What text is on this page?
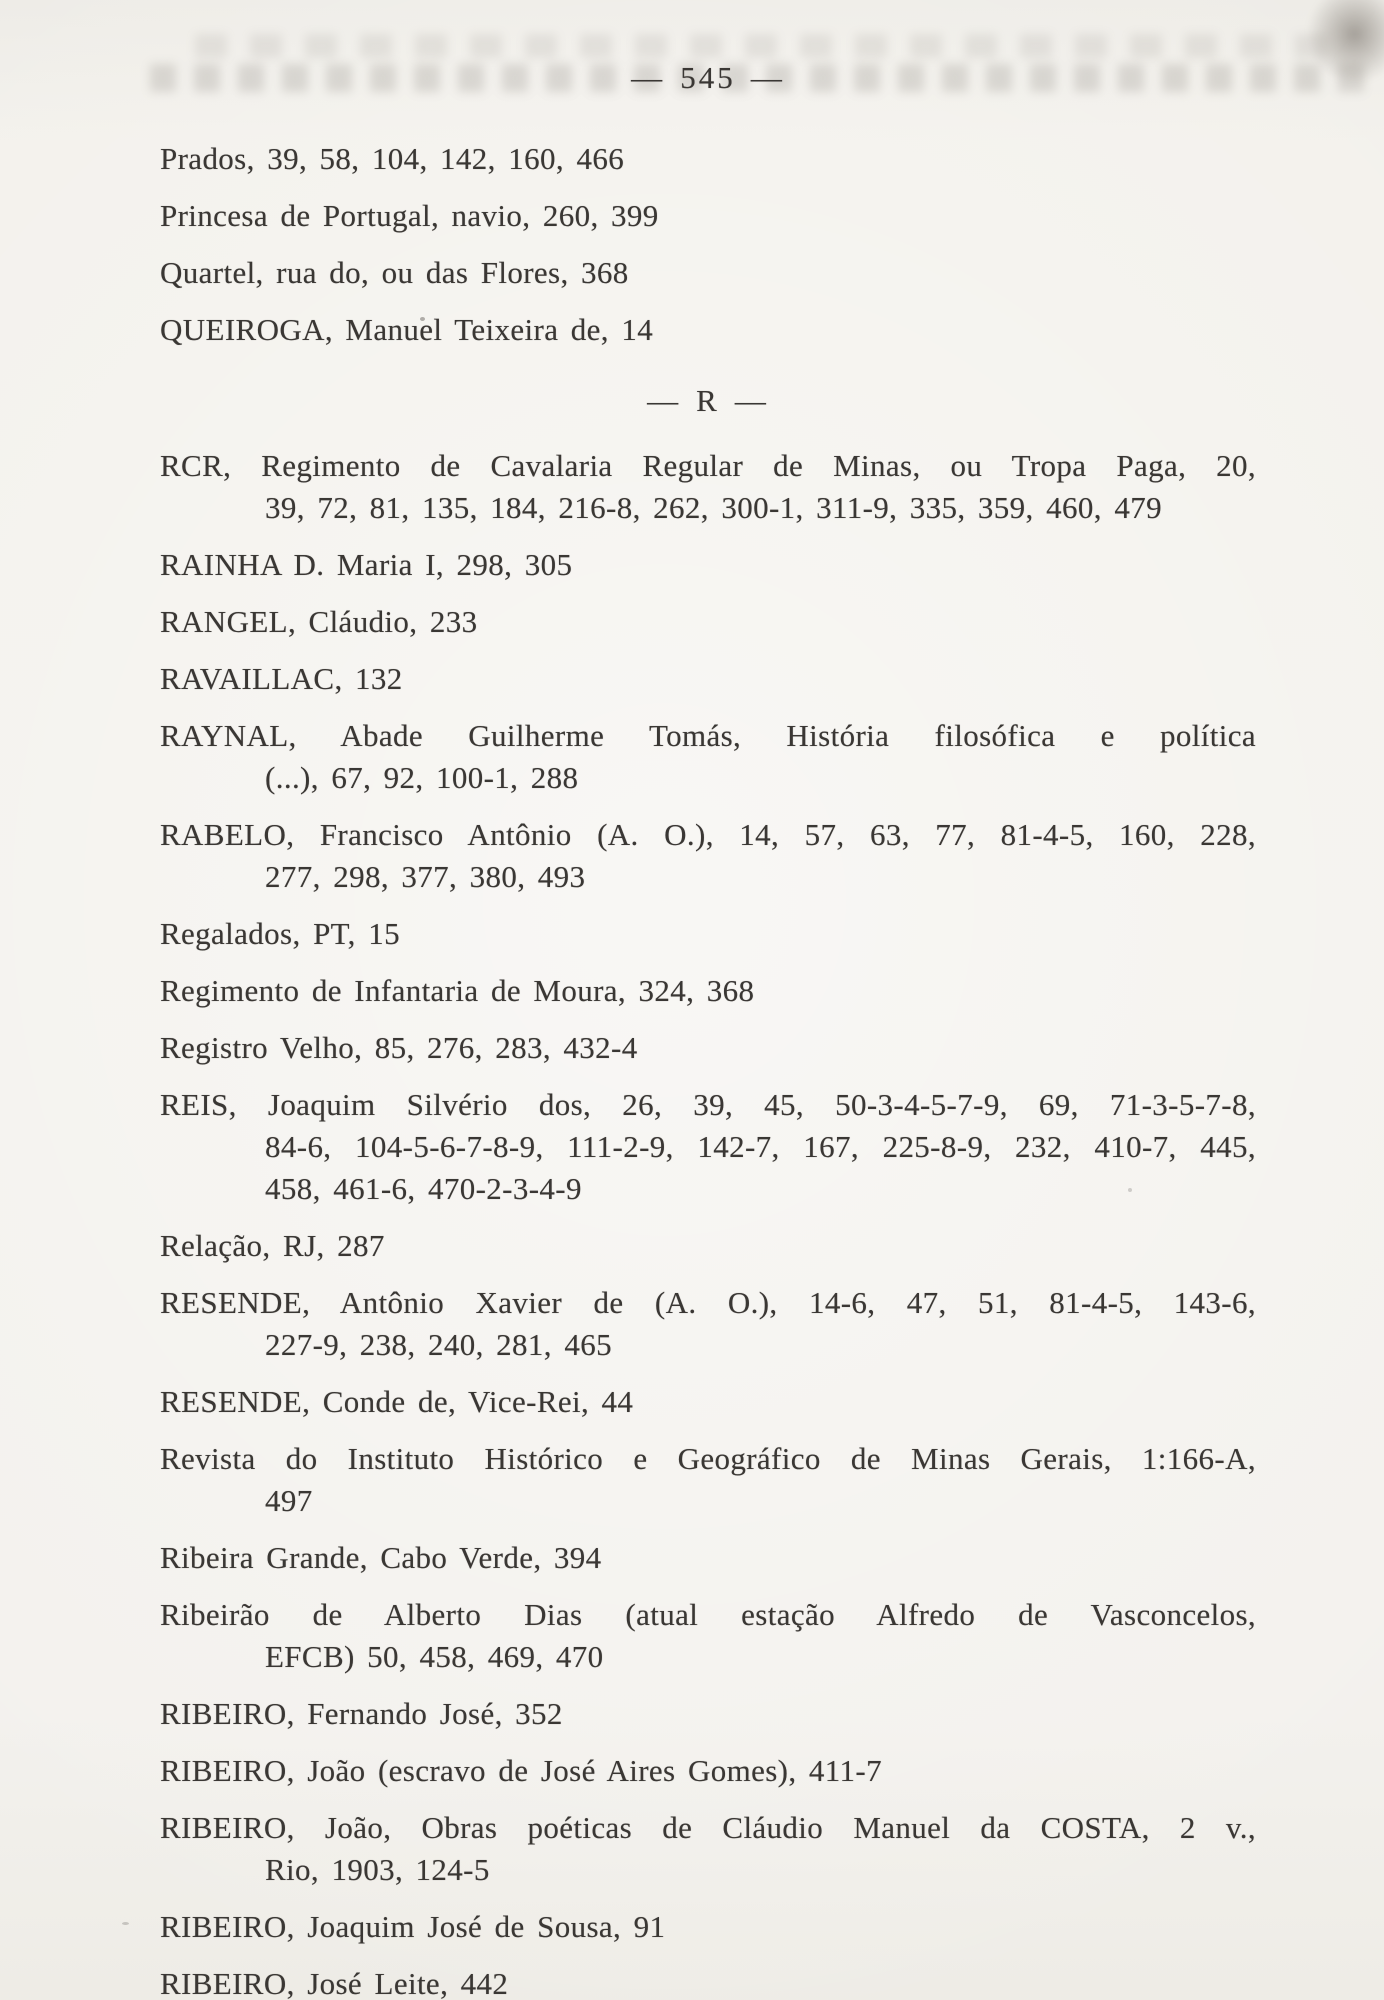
— 545 —

Prados, 39, 58, 104, 142, 160, 466

Princesa de Portugal, navio, 260, 399

Quartel, rua do, ou das Flores, 368

QUEIROGA, Manuel Teixeira de, 14

— R —

RCR, Regimento de Cavalaria Regular de Minas, ou Tropa Paga, 20,
39, 72, 81, 135, 184, 216-8, 262, 300-1, 311-9, 335, 359, 460, 479

RAINHA D. Maria I, 298, 305

RANGEL, Cláudio, 233

RAVAILLAC, 132

RAYNAL, Abade Guilherme Tomás, História filosófica e política
(...), 67, 92, 100-1, 288

RABELO, Francisco Antônio (A. O.), 14, 57, 63, 77, 81-4-5, 160, 228,
277, 298, 377, 380, 493

Regalados, PT, 15

Regimento de Infantaria de Moura, 324, 368

Registro Velho, 85, 276, 283, 432-4

REIS, Joaquim Silvério dos, 26, 39, 45, 50-3-4-5-7-9, 69, 71-3-5-7-8,
84-6, 104-5-6-7-8-9, 111-2-9, 142-7, 167, 225-8-9, 232, 410-7, 445,
458, 461-6, 470-2-3-4-9

Relação, RJ, 287

RESENDE, Antônio Xavier de (A. O.), 14-6, 47, 51, 81-4-5, 143-6,
227-9, 238, 240, 281, 465

RESENDE, Conde de, Vice-Rei, 44

Revista do Instituto Histórico e Geográfico de Minas Gerais, 1:166-A,
497

Ribeira Grande, Cabo Verde, 394

Ribeirão de Alberto Dias (atual estação Alfredo de Vasconcelos,
EFCB) 50, 458, 469, 470

RIBEIRO, Fernando José, 352

RIBEIRO, João (escravo de José Aires Gomes), 411-7

RIBEIRO, João, Obras poéticas de Cláudio Manuel da COSTA, 2 v.,
Rio, 1903, 124-5

RIBEIRO, Joaquim José de Sousa, 91

RIBEIRO, José Leite, 442
